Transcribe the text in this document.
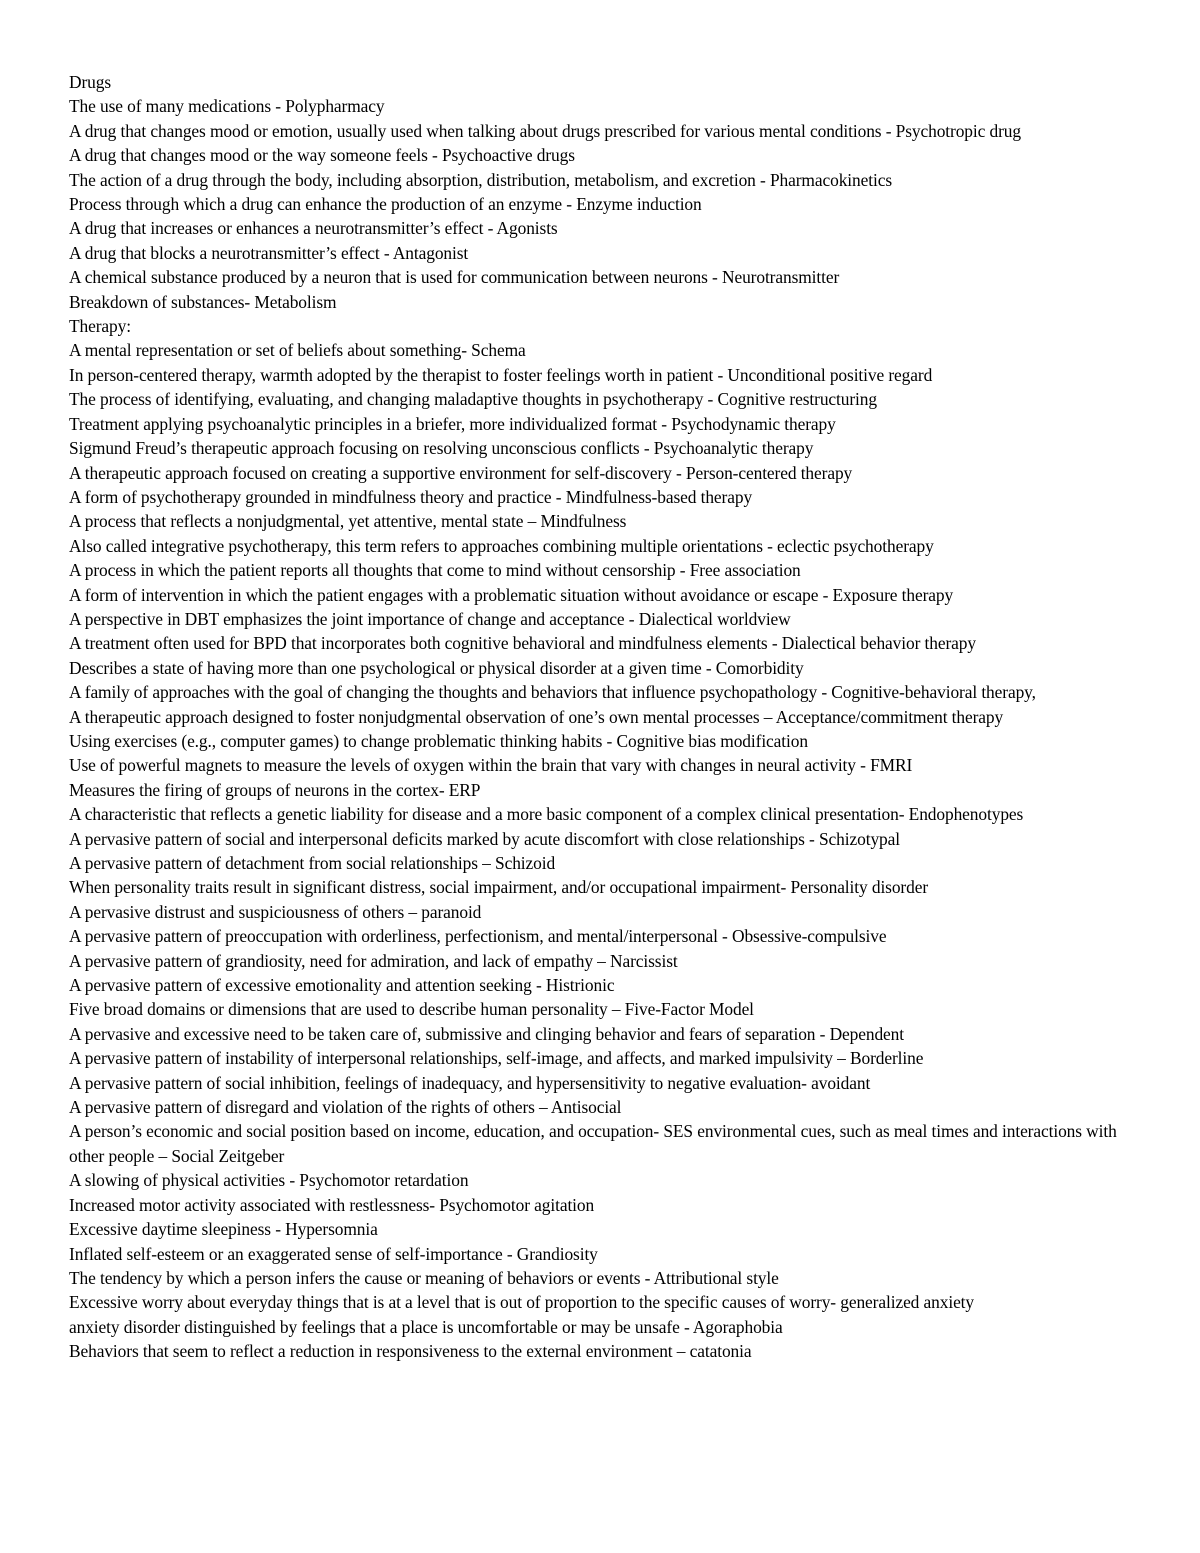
Drugs

The use of many medications - Polypharmacy

A drug that changes mood or emotion, usually used when talking about drugs prescribed for various mental conditions - Psychotropic drug

A drug that changes mood or the way someone feels - Psychoactive drugs

The action of a drug through the body, including absorption, distribution, metabolism, and excretion - Pharmacokinetics

Process through which a drug can enhance the production of an enzyme - Enzyme induction

A drug that increases or enhances a neurotransmitter’s effect - Agonists

A drug that blocks a neurotransmitter’s effect - Antagonist

A chemical substance produced by a neuron that is used for communication between neurons - Neurotransmitter

Breakdown of substances- Metabolism

Therapy:

A mental representation or set of beliefs about something- Schema

In person-centered therapy, warmth adopted by the therapist to foster feelings worth in patient - Unconditional positive regard

The process of identifying, evaluating, and changing maladaptive thoughts in psychotherapy - Cognitive restructuring

Treatment applying psychoanalytic principles in a briefer, more individualized format - Psychodynamic therapy

Sigmund Freud’s therapeutic approach focusing on resolving unconscious conflicts - Psychoanalytic therapy

A therapeutic approach focused on creating a supportive environment for self-discovery - Person-centered therapy

A form of psychotherapy grounded in mindfulness theory and practice - Mindfulness-based therapy

A process that reflects a nonjudgmental, yet attentive, mental state – Mindfulness

Also called integrative psychotherapy, this term refers to approaches combining multiple orientations - eclectic psychotherapy

A process in which the patient reports all thoughts that come to mind without censorship - Free association

A form of intervention in which the patient engages with a problematic situation without avoidance or escape - Exposure therapy

A perspective in DBT emphasizes the joint importance of change and acceptance - Dialectical worldview

A treatment often used for BPD that incorporates both cognitive behavioral and mindfulness elements - Dialectical behavior therapy

Describes a state of having more than one psychological or physical disorder at a given time - Comorbidity

A family of approaches with the goal of changing the thoughts and behaviors that influence psychopathology - Cognitive-behavioral therapy,

A therapeutic approach designed to foster nonjudgmental observation of one’s own mental processes – Acceptance/commitment therapy

Using exercises (e.g., computer games) to change problematic thinking habits - Cognitive bias modification

Use of powerful magnets to measure the levels of oxygen within the brain that vary with changes in neural activity - FMRI

Measures the firing of groups of neurons in the cortex- ERP

A characteristic that reflects a genetic liability for disease and a more basic component of a complex clinical presentation- Endophenotypes

A pervasive pattern of social and interpersonal deficits marked by acute discomfort with close relationships - Schizotypal

A pervasive pattern of detachment from social relationships – Schizoid

When personality traits result in significant distress, social impairment, and/or occupational impairment- Personality disorder

A pervasive distrust and suspiciousness of others – paranoid

A pervasive pattern of preoccupation with orderliness, perfectionism, and mental/interpersonal - Obsessive-compulsive

A pervasive pattern of grandiosity, need for admiration, and lack of empathy – Narcissist

A pervasive pattern of excessive emotionality and attention seeking - Histrionic

Five broad domains or dimensions that are used to describe human personality – Five-Factor Model

A pervasive and excessive need to be taken care of, submissive and clinging behavior and fears of separation - Dependent

A pervasive pattern of instability of interpersonal relationships, self-image, and affects, and marked impulsivity – Borderline

A pervasive pattern of social inhibition, feelings of inadequacy, and hypersensitivity to negative evaluation- avoidant

A pervasive pattern of disregard and violation of the rights of others – Antisocial

A person’s economic and social position based on income, education, and occupation- SES environmental cues, such as meal times and interactions with other people – Social Zeitgeber

A slowing of physical activities - Psychomotor retardation

Increased motor activity associated with restlessness- Psychomotor agitation

Excessive daytime sleepiness - Hypersomnia

Inflated self-esteem or an exaggerated sense of self-importance - Grandiosity

The tendency by which a person infers the cause or meaning of behaviors or events - Attributional style

Excessive worry about everyday things that is at a level that is out of proportion to the specific causes of worry- generalized anxiety

anxiety disorder distinguished by feelings that a place is uncomfortable or may be unsafe - Agoraphobia

Behaviors that seem to reflect a reduction in responsiveness to the external environment – catatonia
